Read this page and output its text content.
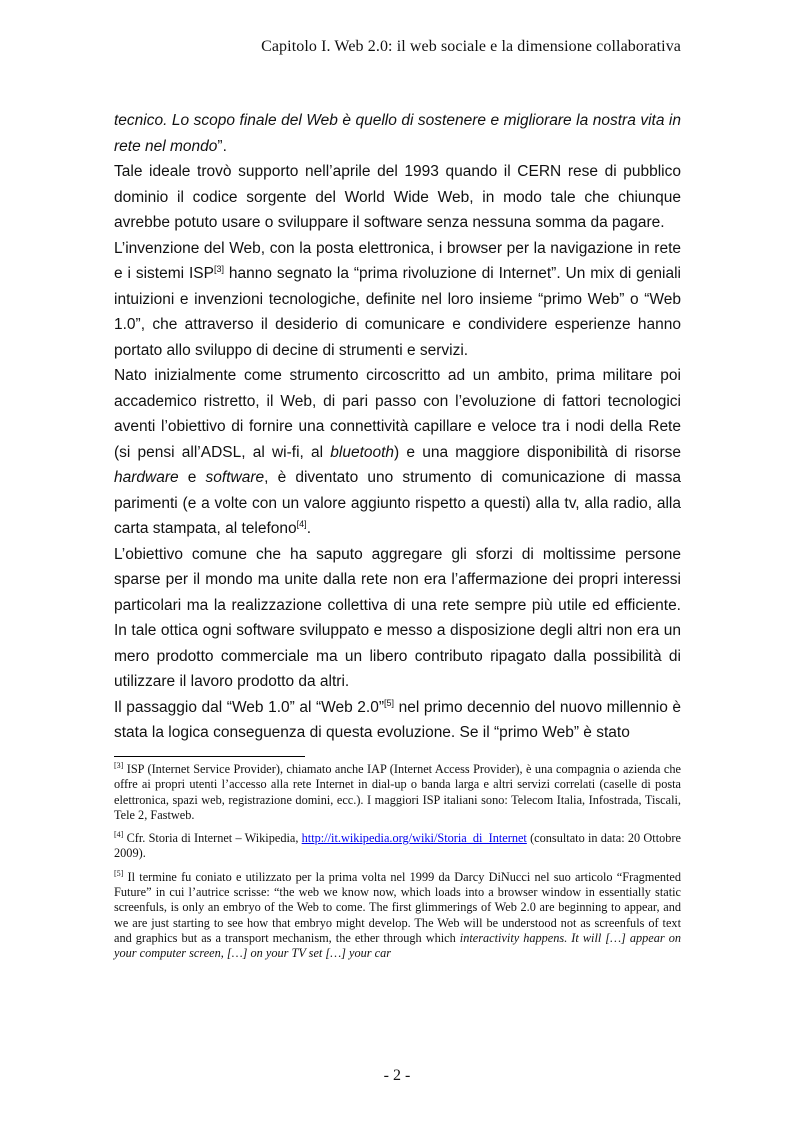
Capitolo I. Web 2.0: il web sociale e la dimensione collaborativa

tecnico. Lo scopo finale del Web è quello di sostenere e migliorare la nostra vita in rete nel mondo”.

Tale ideale trovò supporto nell’aprile del 1993 quando il CERN rese di pubblico dominio il codice sorgente del World Wide Web, in modo tale che chiunque avrebbe potuto usare o sviluppare il software senza nessuna somma da pagare.

L’invenzione del Web, con la posta elettronica, i browser per la navigazione in rete e i sistemi ISP[3] hanno segnato la “prima rivoluzione di Internet”. Un mix di geniali intuizioni e invenzioni tecnologiche, definite nel loro insieme “primo Web” o “Web 1.0”, che attraverso il desiderio di comunicare e condividere esperienze hanno portato allo sviluppo di decine di strumenti e servizi.

Nato inizialmente come strumento circoscritto ad un ambito, prima militare poi accademico ristretto, il Web, di pari passo con l’evoluzione di fattori tecnologici aventi l’obiettivo di fornire una connettività capillare e veloce tra i nodi della Rete (si pensi all’ADSL, al wi-fi, al bluetooth) e una maggiore disponibilità di risorse hardware e software, è diventato uno strumento di comunicazione di massa parimenti (e a volte con un valore aggiunto rispetto a questi) alla tv, alla radio, alla carta stampata, al telefono[4].

L’obiettivo comune che ha saputo aggregare gli sforzi di moltissime persone sparse per il mondo ma unite dalla rete non era l’affermazione dei propri interessi particolari ma la realizzazione collettiva di una rete sempre più utile ed efficiente. In tale ottica ogni software sviluppato e messo a disposizione degli altri non era un mero prodotto commerciale ma un libero contributo ripagato dalla possibilità di utilizzare il lavoro prodotto da altri.

Il passaggio dal “Web 1.0” al “Web 2.0”[5] nel primo decennio del nuovo millennio è stata la logica conseguenza di questa evoluzione. Se il “primo Web” è stato

[3] ISP (Internet Service Provider), chiamato anche IAP (Internet Access Provider), è una compagnia o azienda che offre ai propri utenti l’accesso alla rete Internet in dial-up o banda larga e altri servizi correlati (caselle di posta elettronica, spazi web, registrazione domini, ecc.). I maggiori ISP italiani sono: Telecom Italia, Infostrada, Tiscali, Tele 2, Fastweb.

[4] Cfr. Storia di Internet – Wikipedia, http://it.wikipedia.org/wiki/Storia_di_Internet (consultato in data: 20 Ottobre 2009).

[5] Il termine fu coniato e utilizzato per la prima volta nel 1999 da Darcy DiNucci nel suo articolo “Fragmented Future” in cui l’autrice scrisse: “the web we know now, which loads into a browser window in essentially static screenfuls, is only an embryo of the Web to come. The first glimmerings of Web 2.0 are beginning to appear, and we are just starting to see how that embryo might develop. The Web will be understood not as screenfuls of text and graphics but as a transport mechanism, the ether through which interactivity happens. It will […] appear on your computer screen, […] on your TV set […] your car

- 2 -
